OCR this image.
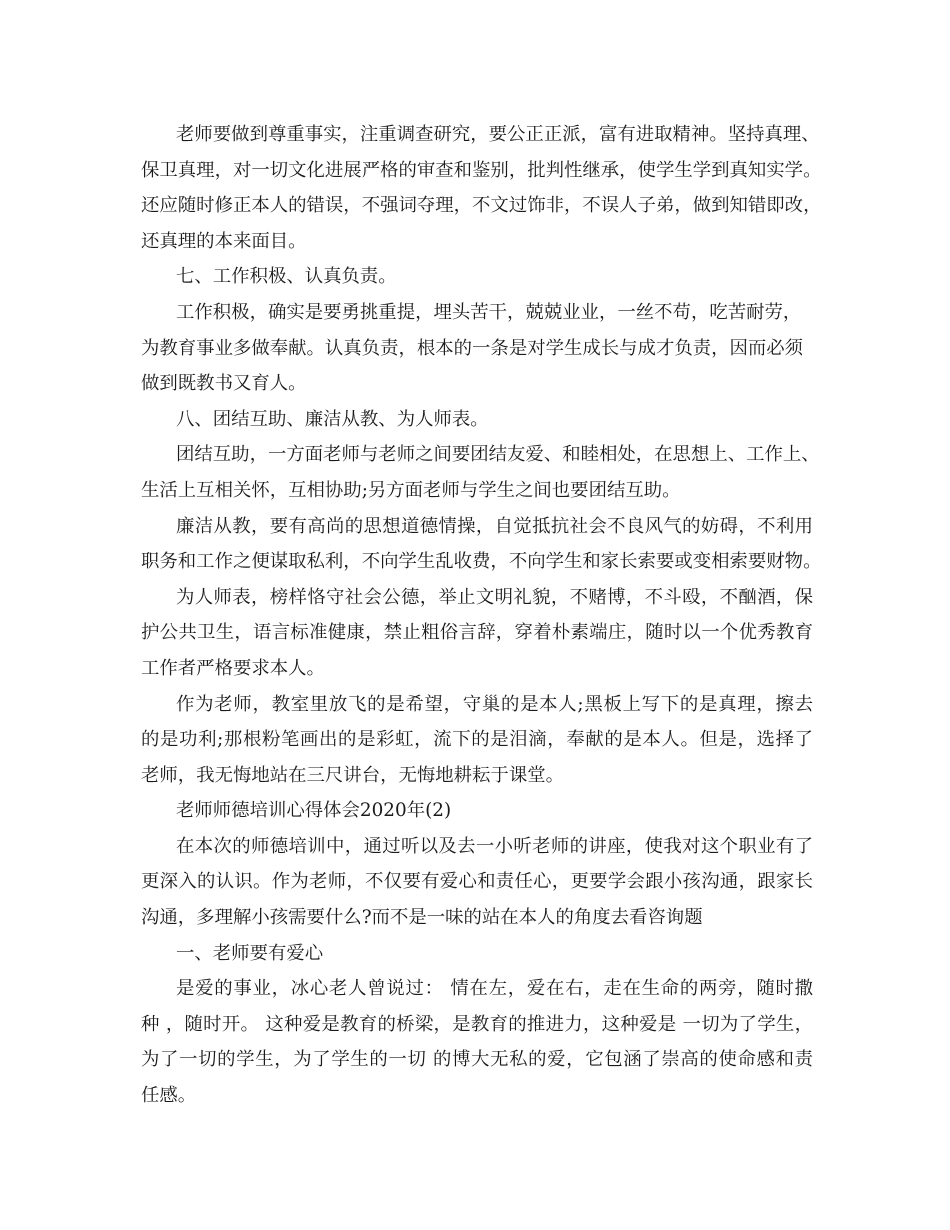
老师要做到尊重事实，注重调查研究，要公正正派，富有进取精神。坚持真理、
保卫真理，对一切文化进展严格的审查和鉴别，批判性继承，使学生学到真知实学。
还应随时修正本人的错误，不强词夺理，不文过饰非，不误人子弟，做到知错即改，
还真理的本来面目。
七、工作积极、认真负责。
工作积极，确实是要勇挑重提，埋头苦干，兢兢业业，一丝不苟，吃苦耐劳，
为教育事业多做奉献。认真负责，根本的一条是对学生成长与成才负责，因而必须
做到既教书又育人。
八、团结互助、廉洁从教、为人师表。
团结互助，一方面老师与老师之间要团结友爱、和睦相处，在思想上、工作上、
生活上互相关怀，互相协助;另方面老师与学生之间也要团结互助。
廉洁从教，要有高尚的思想道德情操，自觉抵抗社会不良风气的妨碍，不利用
职务和工作之便谋取私利，不向学生乱收费，不向学生和家长索要或变相索要财物。
为人师表，榜样恪守社会公德，举止文明礼貌，不赌博，不斗殴，不酗酒，保
护公共卫生，语言标准健康，禁止粗俗言辞，穿着朴素端庄，随时以一个优秀教育
工作者严格要求本人。
作为老师，教室里放飞的是希望，守巢的是本人;黑板上写下的是真理，擦去
的是功利;那根粉笔画出的是彩虹，流下的是泪滴，奉献的是本人。但是，选择了
老师，我无悔地站在三尺讲台，无悔地耕耘于课堂。
老师师德培训心得体会2020年(2)
在本次的师德培训中，通过听以及去一小听老师的讲座，使我对这个职业有了
更深入的认识。作为老师，不仅要有爱心和责任心，更要学会跟小孩沟通，跟家长
沟通，多理解小孩需要什么?而不是一味的站在本人的角度去看咨询题
一、老师要有爱心
是爱的事业，冰心老人曾说过： 情在左，爱在右，走在生命的两旁，随时撒
种 ，随时开。 这种爱是教育的桥梁，是教育的推进力，这种爱是 一切为了学生，
为了一切的学生，为了学生的一切 的博大无私的爱，它包涵了崇高的使命感和责
任感。
